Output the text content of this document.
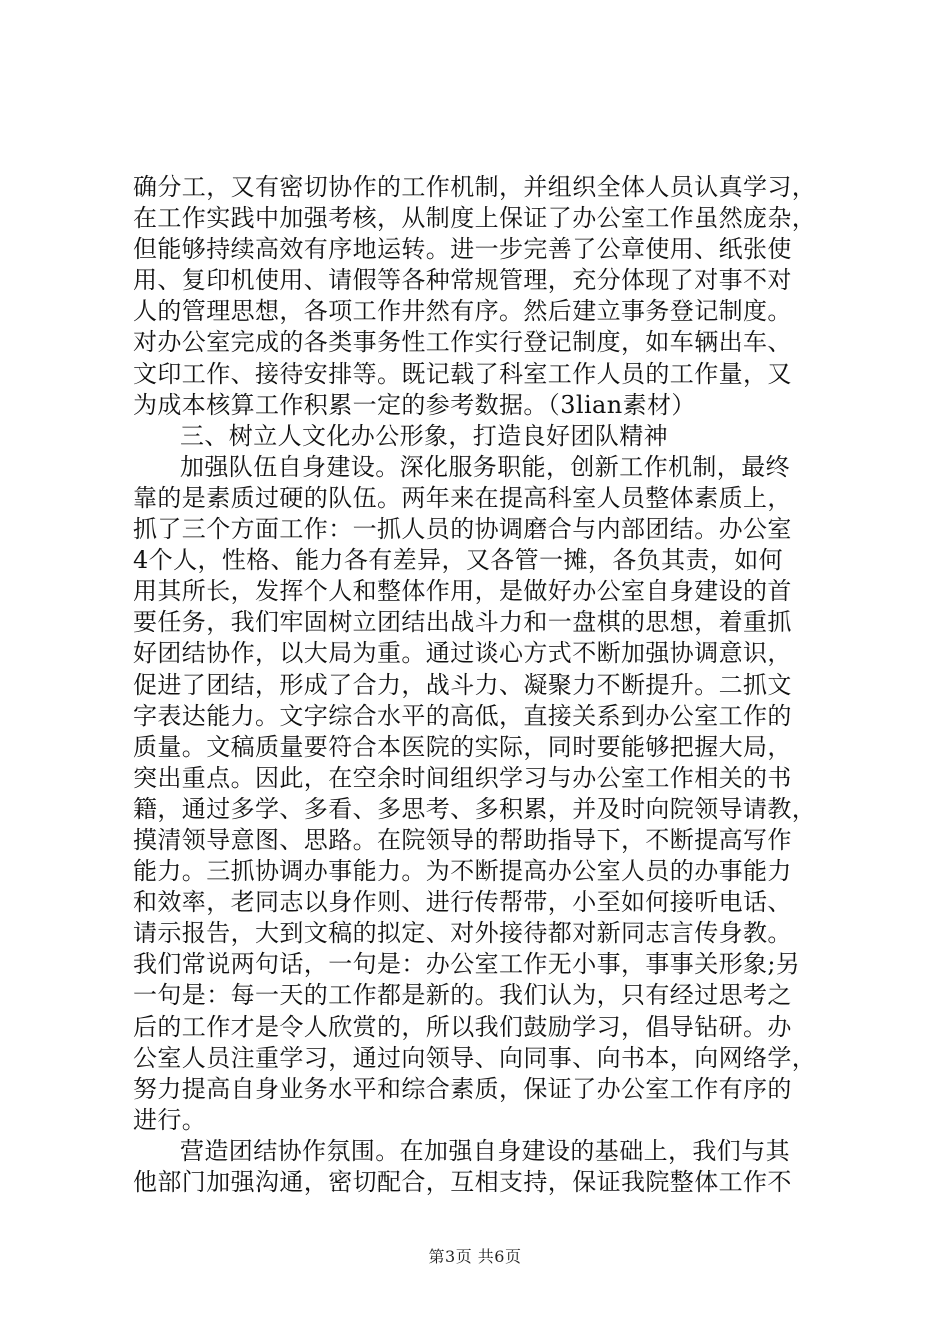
确分工，又有密切协作的工作机制，并组织全体人员认真学习，
在工作实践中加强考核，从制度上保证了办公室工作虽然庞杂，
但能够持续高效有序地运转。进一步完善了公章使用、纸张使
用、复印机使用、请假等各种常规管理，充分体现了对事不对
人的管理思想，各项工作井然有序。然后建立事务登记制度。
对办公室完成的各类事务性工作实行登记制度，如车辆出车、
文印工作、接待安排等。既记载了科室工作人员的工作量，又
为成本核算工作积累一定的参考数据。（3lian素材）
三、树立人文化办公形象，打造良好团队精神
加强队伍自身建设。深化服务职能，创新工作机制，最终
靠的是素质过硬的队伍。两年来在提高科室人员整体素质上，
抓了三个方面工作：一抓人员的协调磨合与内部团结。办公室
4个人，性格、能力各有差异，又各管一摊，各负其责，如何
用其所长，发挥个人和整体作用，是做好办公室自身建设的首
要任务，我们牢固树立团结出战斗力和一盘棋的思想，着重抓
好团结协作，以大局为重。通过谈心方式不断加强协调意识，
促进了团结，形成了合力，战斗力、凝聚力不断提升。二抓文
字表达能力。文字综合水平的高低，直接关系到办公室工作的
质量。文稿质量要符合本医院的实际，同时要能够把握大局，
突出重点。因此，在空余时间组织学习与办公室工作相关的书
籍，通过多学、多看、多思考、多积累，并及时向院领导请教，
摸清领导意图、思路。在院领导的帮助指导下，不断提高写作
能力。三抓协调办事能力。为不断提高办公室人员的办事能力
和效率，老同志以身作则、进行传帮带，小至如何接听电话、
请示报告，大到文稿的拟定、对外接待都对新同志言传身教。
我们常说两句话，一句是：办公室工作无小事，事事关形象;另
一句是：每一天的工作都是新的。我们认为，只有经过思考之
后的工作才是令人欣赏的，所以我们鼓励学习，倡导钻研。办
公室人员注重学习，通过向领导、向同事、向书本，向网络学，
努力提高自身业务水平和综合素质，保证了办公室工作有序的
进行。
营造团结协作氛围。在加强自身建设的基础上，我们与其
他部门加强沟通，密切配合，互相支持，保证我院整体工作不
第3页 共6页
